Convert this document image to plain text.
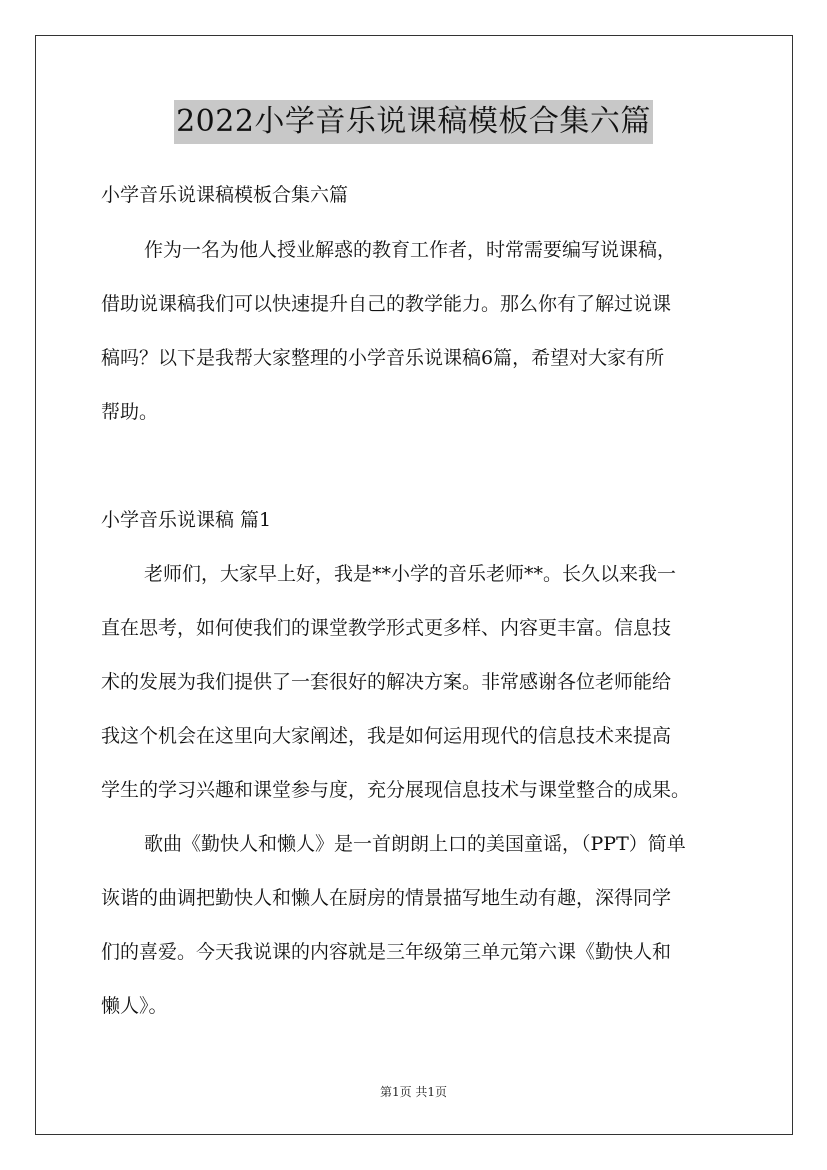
2022小学音乐说课稿模板合集六篇
小学音乐说课稿模板合集六篇
作为一名为他人授业解惑的教育工作者，时常需要编写说课稿，
借助说课稿我们可以快速提升自己的教学能力。那么你有了解过说课
稿吗？以下是我帮大家整理的小学音乐说课稿6篇，希望对大家有所
帮助。
小学音乐说课稿 篇1
老师们，大家早上好，我是**小学的音乐老师**。长久以来我一
直在思考，如何使我们的课堂教学形式更多样、内容更丰富。信息技
术的发展为我们提供了一套很好的解决方案。非常感谢各位老师能给
我这个机会在这里向大家阐述，我是如何运用现代的信息技术来提高
学生的学习兴趣和课堂参与度，充分展现信息技术与课堂整合的成果。
歌曲《勤快人和懒人》是一首朗朗上口的美国童谣，（PPT）简单
诙谐的曲调把勤快人和懒人在厨房的情景描写地生动有趣，深得同学
们的喜爱。今天我说课的内容就是三年级第三单元第六课《勤快人和
懒人》。
第1页 共1页
